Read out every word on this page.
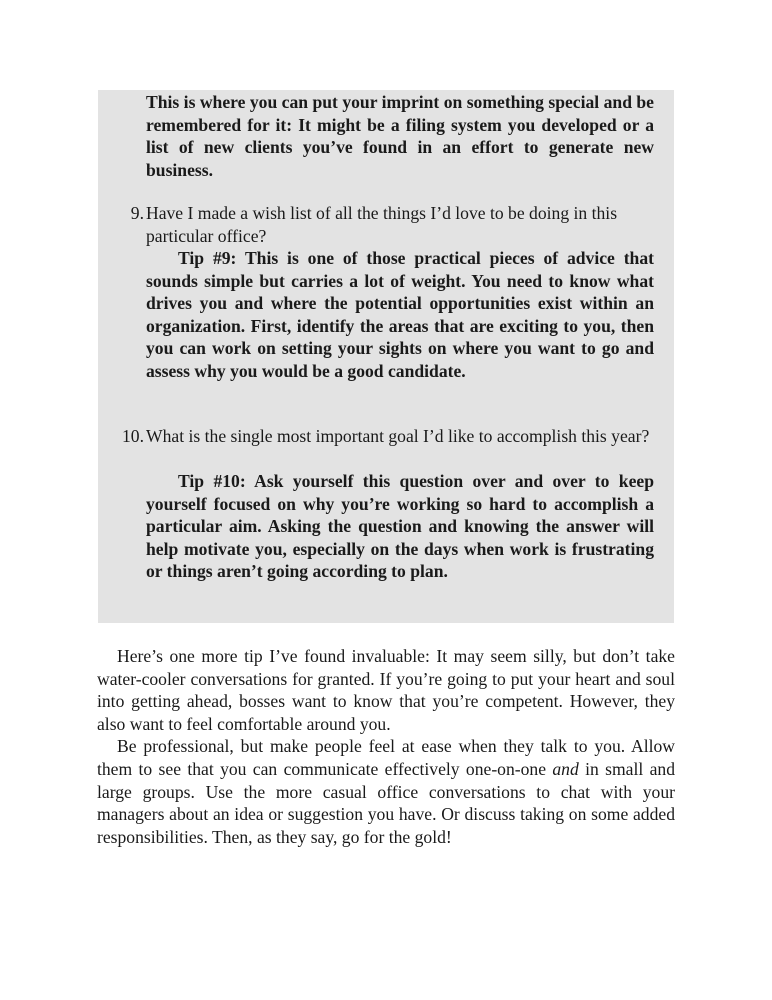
This is where you can put your imprint on something special and be remembered for it: It might be a filing system you developed or a list of new clients you’ve found in an effort to generate new business.

9. Have I made a wish list of all the things I’d love to be doing in this particular office?

Tip #9: This is one of those practical pieces of advice that sounds simple but carries a lot of weight. You need to know what drives you and where the potential opportunities exist within an organization. First, identify the areas that are exciting to you, then you can work on setting your sights on where you want to go and assess why you would be a good candidate.

10. What is the single most important goal I’d like to accomplish this year?

Tip #10: Ask yourself this question over and over to keep yourself focused on why you’re working so hard to accomplish a particular aim. Asking the question and knowing the answer will help motivate you, especially on the days when work is frustrating or things aren’t going according to plan.

Here’s one more tip I’ve found invaluable: It may seem silly, but don’t take water-cooler conversations for granted. If you’re going to put your heart and soul into getting ahead, bosses want to know that you’re competent. However, they also want to feel comfortable around you.

Be professional, but make people feel at ease when they talk to you. Allow them to see that you can communicate effectively one-on-one and in small and large groups. Use the more casual office conversations to chat with your managers about an idea or suggestion you have. Or discuss taking on some added responsibilities. Then, as they say, go for the gold!
